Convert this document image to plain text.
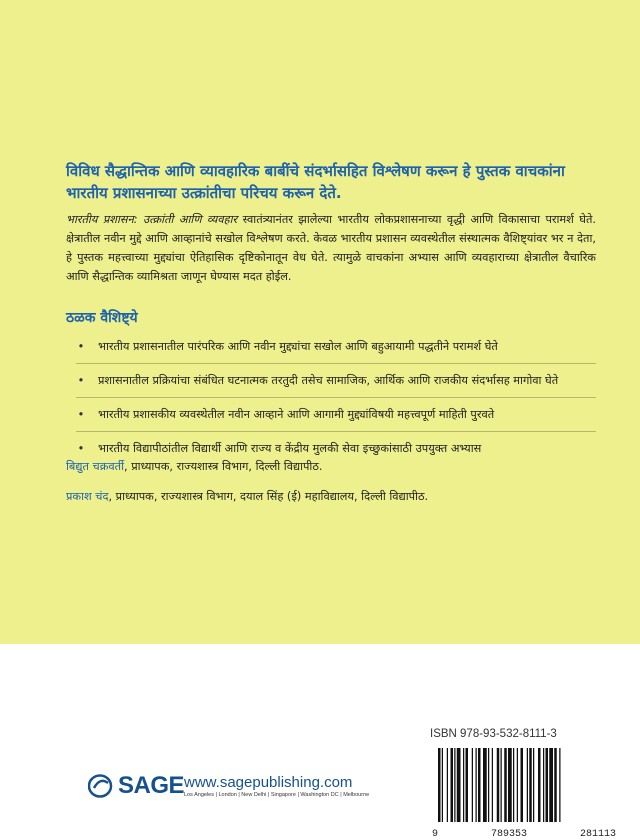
विविध सैद्धान्तिक आणि व्यावहारिक बाबींचे संदर्भासहित विश्लेषण करून हे पुस्तक वाचकांना भारतीय प्रशासनाच्या उत्क्रांतीचा परिचय करून देते.

भारतीय प्रशासन: उत्क्रांती आणि व्यवहार स्वातंत्र्यानंतर झालेल्या भारतीय लोकप्रशासनाच्या वृद्धी आणि विकासाचा परामर्श घेते. क्षेत्रातील नवीन मुद्दे आणि आव्हानांचे सखोल विश्लेषण करते. केवळ भारतीय प्रशासन व्यवस्थेतील संस्थात्मक वैशिष्ट्यांवर भर न देता, हे पुस्तक महत्त्वाच्या मुद्द्यांचा ऐतिहासिक दृष्टिकोनातून वेध घेते. त्यामुळे वाचकांना अभ्यास आणि व्यवहाराच्या क्षेत्रातील वैचारिक आणि सैद्धान्तिक व्यामिश्रता जाणून घेण्यास मदत होईल.

ठळक वैशिष्ट्ये
• भारतीय प्रशासनातील पारंपरिक आणि नवीन मुद्द्यांचा सखोल आणि बहुआयामी पद्धतीने परामर्श घेते
• प्रशासनातील प्रक्रियांचा संबंधित घटनात्मक तरतुदी तसेच सामाजिक, आर्थिक आणि राजकीय संदर्भासह मागोवा घेते
• भारतीय प्रशासकीय व्यवस्थेतील नवीन आव्हाने आणि आगामी मुद्द्यांविषयी महत्त्वपूर्ण माहिती पुरवते
• भारतीय विद्यापीठांतील विद्यार्थी आणि राज्य व केंद्रीय मुलकी सेवा इच्छुकांसाठी उपयुक्त अभ्यास

बिद्युत चक्रवर्ती, प्राध्यापक, राज्यशास्त्र विभाग, दिल्ली विद्यापीठ.

प्रकाश चंद, प्राध्यापक, राज्यशास्त्र विभाग, दयाल सिंह (ई) महाविद्यालय, दिल्ली विद्यापीठ.

ISBN 978-93-532-8111-3
9	789353	281113
SAGE www.sagepublishing.com
Los Angeles | London | New Delhi | Singapore | Washington DC | Melbourne
